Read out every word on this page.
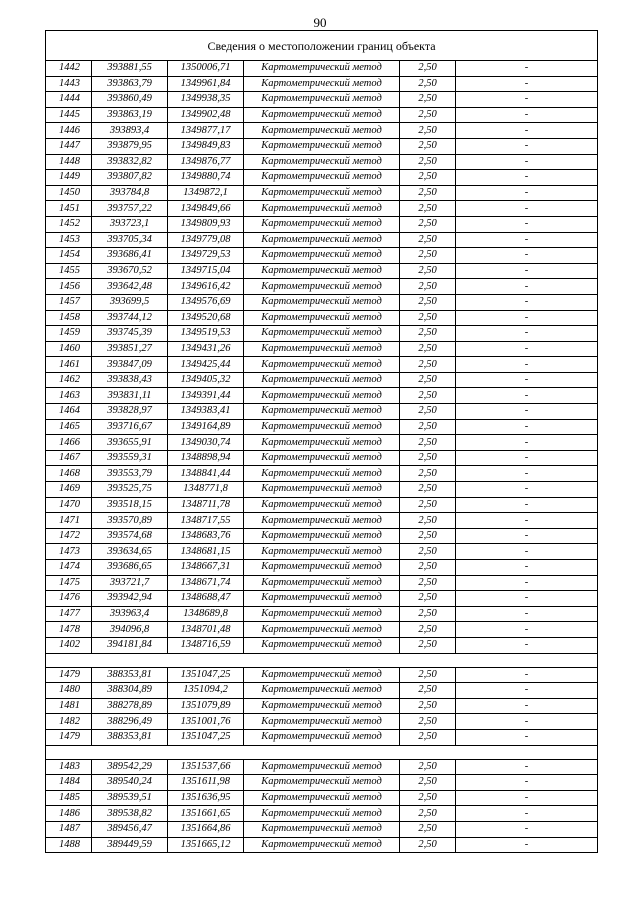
90
Сведения о местоположении границ объекта					
1442	393881,55	1350006,71	Картометрический метод	2,50	-
1443	393863,79	1349961,84	Картометрический метод	2,50	-
1444	393860,49	1349938,35	Картометрический метод	2,50	-
1445	393863,19	1349902,48	Картометрический метод	2,50	-
1446	393893,4	1349877,17	Картометрический метод	2,50	-
1447	393879,95	1349849,83	Картометрический метод	2,50	-
1448	393832,82	1349876,77	Картометрический метод	2,50	-
1449	393807,82	1349880,74	Картометрический метод	2,50	-
1450	393784,8	1349872,1	Картометрический метод	2,50	-
1451	393757,22	1349849,66	Картометрический метод	2,50	-
1452	393723,1	1349809,93	Картометрический метод	2,50	-
1453	393705,34	1349779,08	Картометрический метод	2,50	-
1454	393686,41	1349729,53	Картометрический метод	2,50	-
1455	393670,52	1349715,04	Картометрический метод	2,50	-
1456	393642,48	1349616,42	Картометрический метод	2,50	-
1457	393699,5	1349576,69	Картометрический метод	2,50	-
1458	393744,12	1349520,68	Картометрический метод	2,50	-
1459	393745,39	1349519,53	Картометрический метод	2,50	-
1460	393851,27	1349431,26	Картометрический метод	2,50	-
1461	393847,09	1349425,44	Картометрический метод	2,50	-
1462	393838,43	1349405,32	Картометрический метод	2,50	-
1463	393831,11	1349391,44	Картометрический метод	2,50	-
1464	393828,97	1349383,41	Картометрический метод	2,50	-
1465	393716,67	1349164,89	Картометрический метод	2,50	-
1466	393655,91	1349030,74	Картометрический метод	2,50	-
1467	393559,31	1348898,94	Картометрический метод	2,50	-
1468	393553,79	1348841,44	Картометрический метод	2,50	-
1469	393525,75	1348771,8	Картометрический метод	2,50	-
1470	393518,15	1348711,78	Картометрический метод	2,50	-
1471	393570,89	1348717,55	Картометрический метод	2,50	-
1472	393574,68	1348683,76	Картометрический метод	2,50	-
1473	393634,65	1348681,15	Картометрический метод	2,50	-
1474	393686,65	1348667,31	Картометрический метод	2,50	-
1475	393721,7	1348671,74	Картометрический метод	2,50	-
1476	393942,94	1348688,47	Картометрический метод	2,50	-
1477	393963,4	1348689,8	Картометрический метод	2,50	-
1478	394096,8	1348701,48	Картометрический метод	2,50	-
1402	394181,84	1348716,59	Картометрический метод	2,50	-

1479	388353,81	1351047,25	Картометрический метод	2,50	-
1480	388304,89	1351094,2	Картометрический метод	2,50	-
1481	388278,89	1351079,89	Картометрический метод	2,50	-
1482	388296,49	1351001,76	Картометрический метод	2,50	-
1479	388353,81	1351047,25	Картометрический метод	2,50	-

1483	389542,29	1351537,66	Картометрический метод	2,50	-
1484	389540,24	1351611,98	Картометрический метод	2,50	-
1485	389539,51	1351636,95	Картометрический метод	2,50	-
1486	389538,82	1351661,65	Картометрический метод	2,50	-
1487	389456,47	1351664,86	Картометрический метод	2,50	-
1488	389449,59	1351665,12	Картометрический метод	2,50	-
